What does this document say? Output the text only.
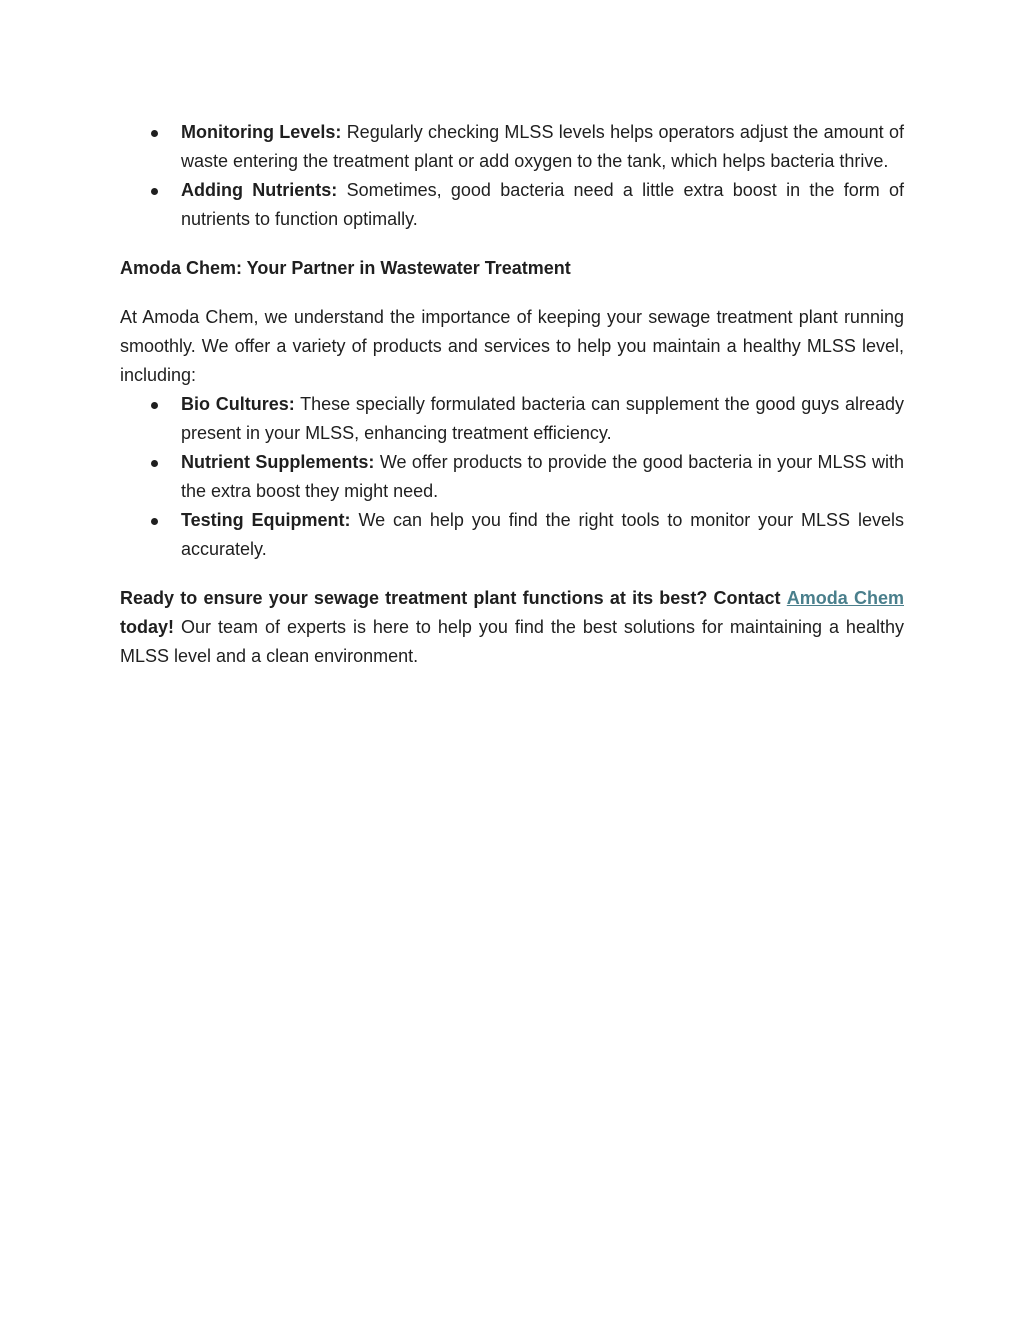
Monitoring Levels: Regularly checking MLSS levels helps operators adjust the amount of waste entering the treatment plant or add oxygen to the tank, which helps bacteria thrive.
Adding Nutrients: Sometimes, good bacteria need a little extra boost in the form of nutrients to function optimally.
Amoda Chem: Your Partner in Wastewater Treatment

At Amoda Chem, we understand the importance of keeping your sewage treatment plant running smoothly. We offer a variety of products and services to help you maintain a healthy MLSS level, including:

Bio Cultures: These specially formulated bacteria can supplement the good guys already present in your MLSS, enhancing treatment efficiency.
Nutrient Supplements: We offer products to provide the good bacteria in your MLSS with the extra boost they might need.
Testing Equipment: We can help you find the right tools to monitor your MLSS levels accurately.

Ready to ensure your sewage treatment plant functions at its best? Contact Amoda Chem today! Our team of experts is here to help you find the best solutions for maintaining a healthy MLSS level and a clean environment.
